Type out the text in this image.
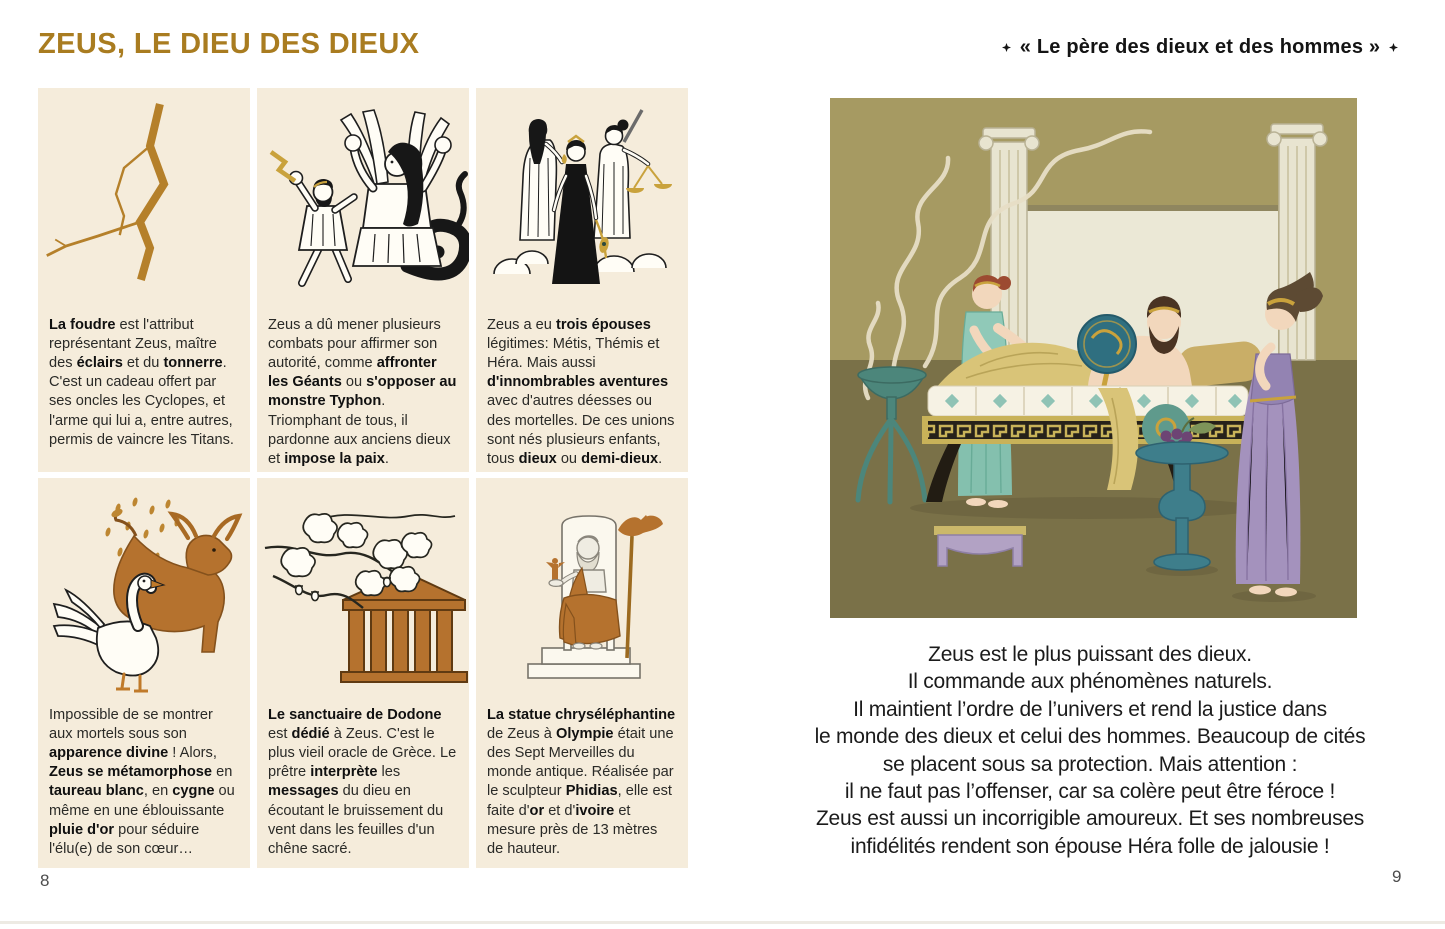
ZEUS, LE DIEU DES DIEUX
La foudre est l'attribut représentant Zeus, maître des éclairs et du tonnerre. C'est un cadeau offert par ses oncles les Cyclopes, et l'arme qui lui a, entre autres, permis de vaincre les Titans.
Zeus a dû mener plusieurs combats pour affirmer son autorité, comme affronter les Géants ou s'opposer au monstre Typhon. Triomphant de tous, il pardonne aux anciens dieux et impose la paix.
Zeus a eu trois épouses légitimes: Métis, Thémis et Héra. Mais aussi d'innombrables aventures avec d'autres déesses ou des mortelles. De ces unions sont nés plusieurs enfants, tous dieux ou demi-dieux.
Impossible de se montrer aux mortels sous son apparence divine ! Alors, Zeus se métamorphose en taureau blanc, en cygne ou même en une éblouissante pluie d'or pour séduire l'élu(e) de son cœur…
Le sanctuaire de Dodone est dédié à Zeus. C'est le plus vieil oracle de Grèce. Le prêtre interprète les messages du dieu en écoutant le bruissement du vent dans les feuilles d'un chêne sacré.
La statue chryséléphantine de Zeus à Olympie était une des Sept Merveilles du monde antique. Réalisée par le sculpteur Phidias, elle est faite d'or et d'ivoire et mesure près de 13 mètres de hauteur.
8
« Le père des dieux et des hommes »
Zeus est le plus puissant des dieux.
Il commande aux phénomènes naturels.
Il maintient l’ordre de l’univers et rend la justice dans
le monde des dieux et celui des hommes. Beaucoup de cités
se placent sous sa protection. Mais attention :
il ne faut pas l’offenser, car sa colère peut être féroce !
Zeus est aussi un incorrigible amoureux. Et ses nombreuses
infidélités rendent son épouse Héra folle de jalousie !
9
